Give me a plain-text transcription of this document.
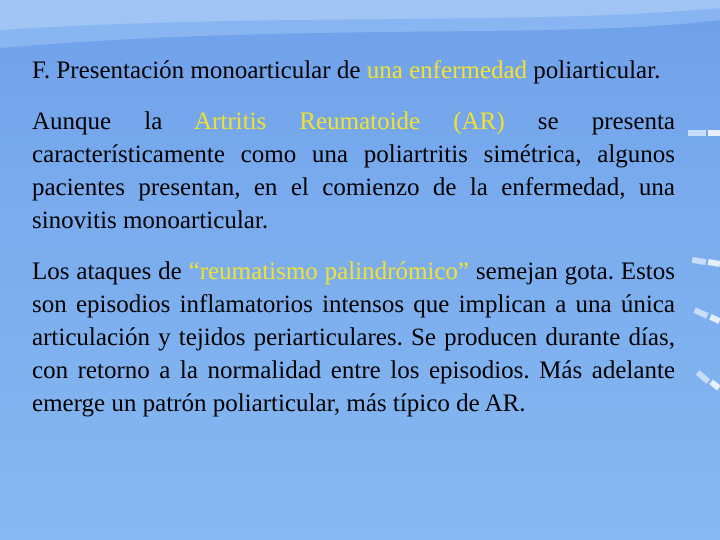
F. Presentación monoarticular de una enfermedad poliarticular.

Aunque la Artritis Reumatoide (AR) se presenta característicamente como una poliartritis simétrica, algunos pacientes presentan, en el comienzo de la enfermedad, una sinovitis monoarticular.

Los ataques de “reumatismo palindrómico” semejan gota. Estos son episodios inflamatorios intensos que implican a una única articulación y tejidos periarticulares. Se producen durante días, con retorno a la normalidad entre los episodios. Más adelante emerge un patrón poliarticular, más típico de AR.
